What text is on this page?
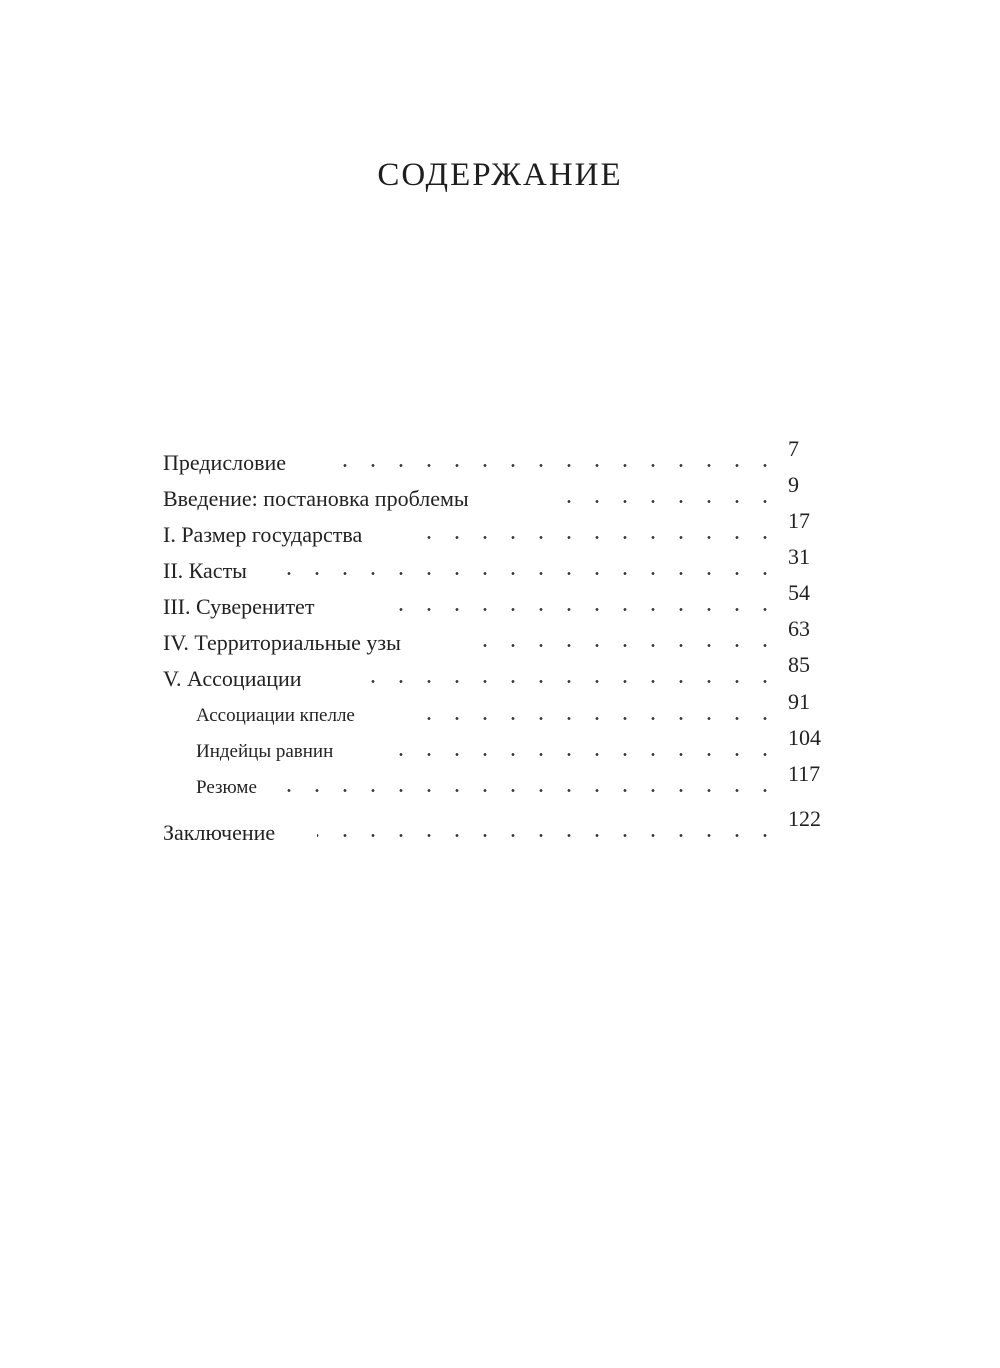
СОДЕРЖАНИЕ
Предисловие
7
Введение: постановка проблемы
9
I. Размер государства
17
II. Касты
31
III. Суверенитет
54
IV. Территориальные узы
63
V. Ассоциации
85
Ассоциации кпелле
91
Индейцы равнин
104
Резюме
117
Заключение
122
